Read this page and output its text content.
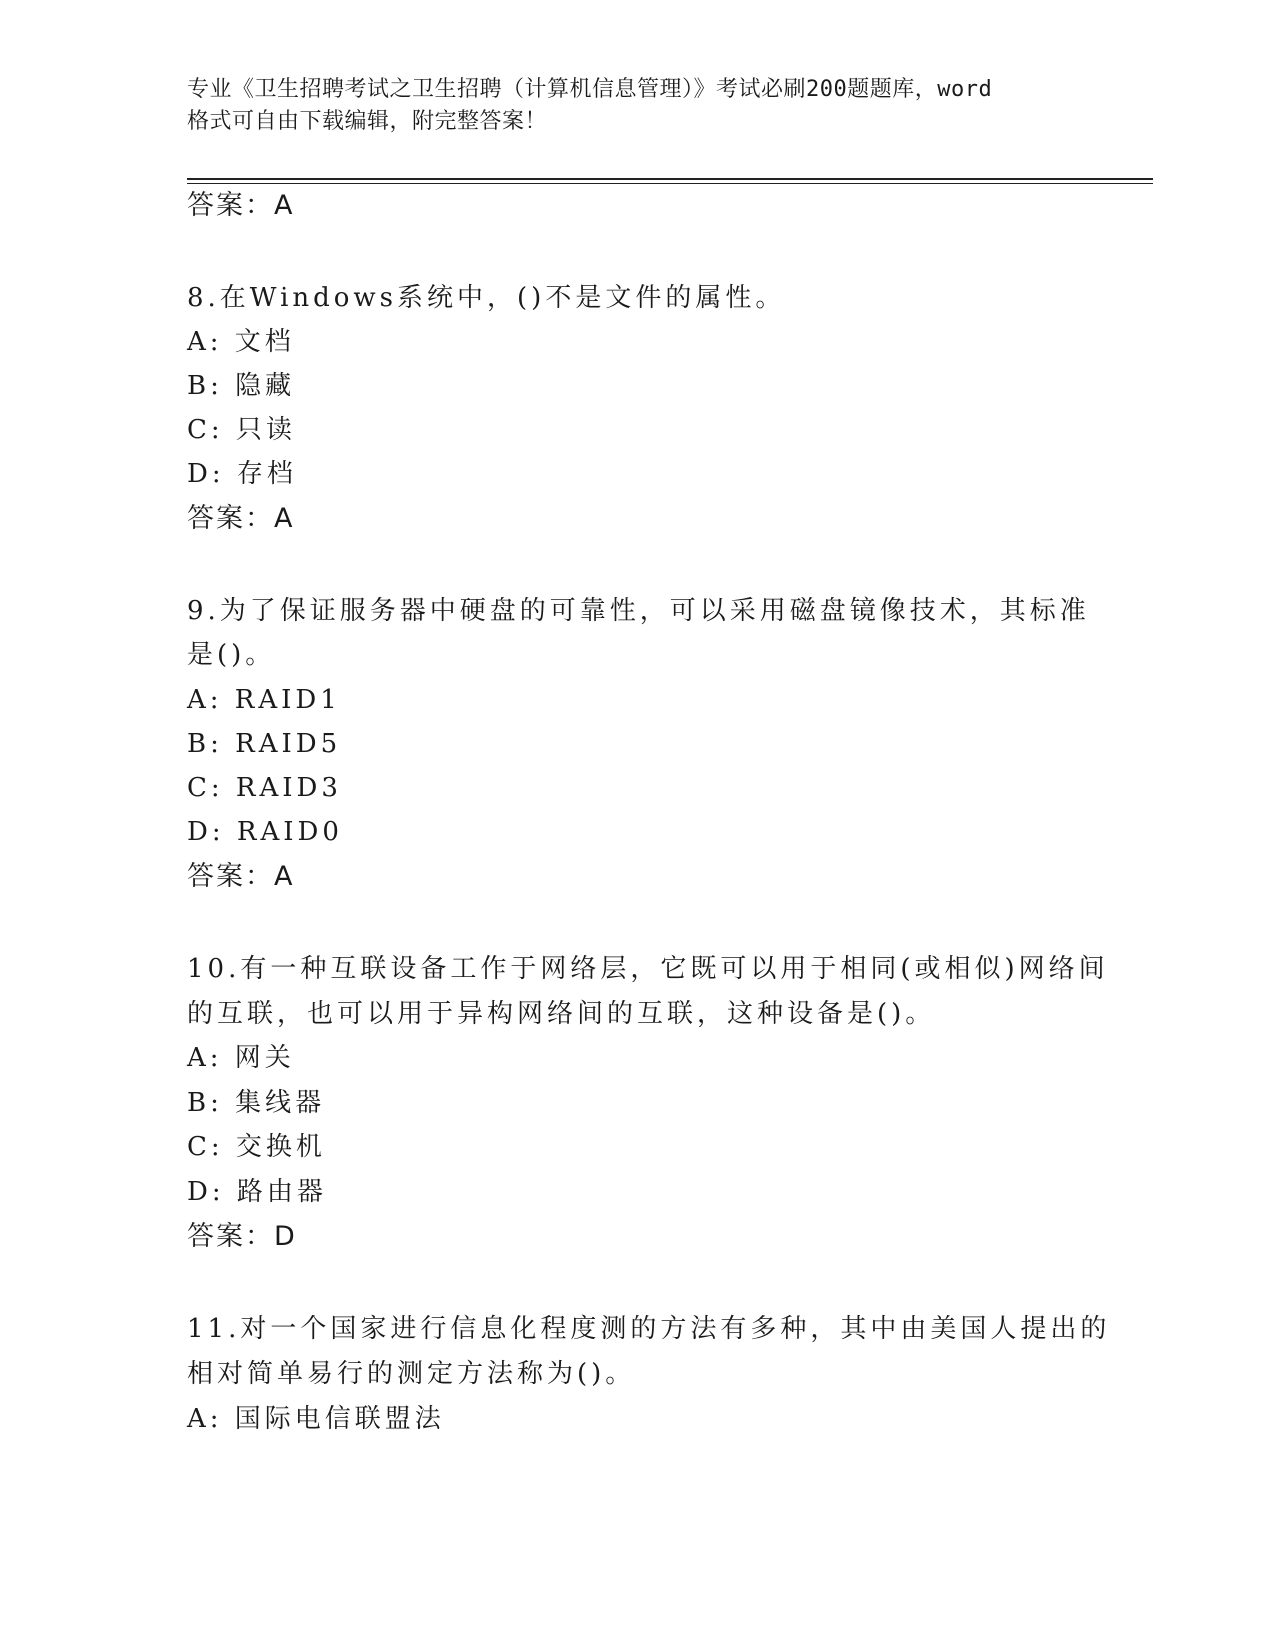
专业《卫生招聘考试之卫生招聘（计算机信息管理）》考试必刷200题题库，word
格式可自由下载编辑，附完整答案！
答案：A
8.在Windows系统中，()不是文件的属性。
A: 文档
B: 隐藏
C: 只读
D: 存档
答案：A
9.为了保证服务器中硬盘的可靠性，可以采用磁盘镜像技术，其标准
是()。
A: RAID1
B: RAID5
C: RAID3
D: RAID0
答案：A
10.有一种互联设备工作于网络层，它既可以用于相同(或相似)网络间
的互联，也可以用于异构网络间的互联，这种设备是()。
A: 网关
B: 集线器
C: 交换机
D: 路由器
答案：D
11.对一个国家进行信息化程度测的方法有多种，其中由美国人提出的
相对简单易行的测定方法称为()。
A: 国际电信联盟法
